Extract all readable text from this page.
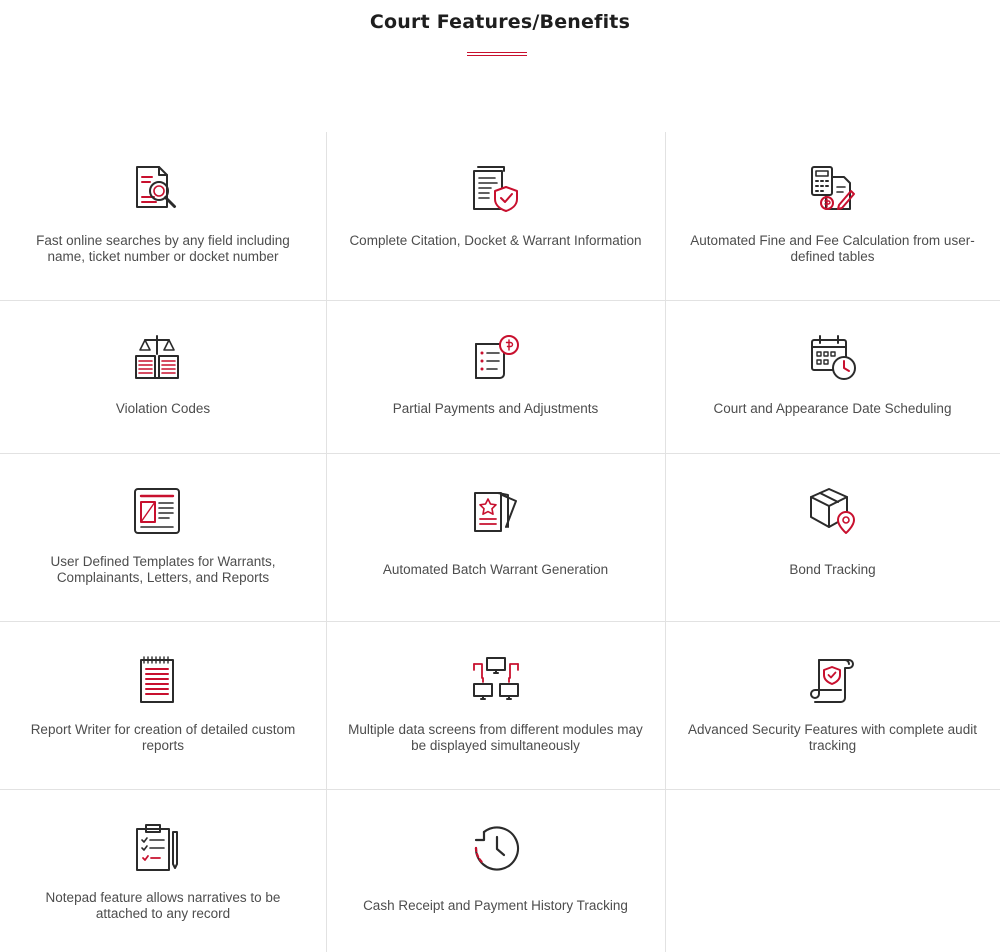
Court Features/Benefits
Fast online searches by any field including name, ticket number or docket number
Complete Citation, Docket & Warrant Information	Automated Fine and Fee Calculation from user-defined tables
Violation Codes	Partial Payments and Adjustments	Court and Appearance Date Scheduling
User Defined Templates for Warrants, Complainants, Letters, and Reports
Automated Batch Warrant Generation	Bond Tracking
Report Writer for creation of detailed custom reports
Multiple data screens from different modules may be displayed simultaneously
Advanced Security Features with complete audit tracking
Notepad feature allows narratives to be attached to any record
Cash Receipt and Payment History Tracking
